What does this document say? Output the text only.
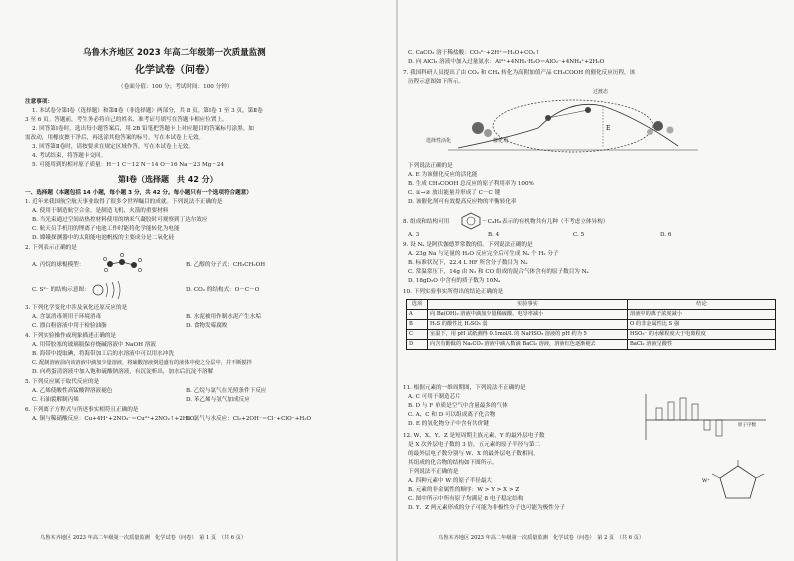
乌鲁木齐地区 2023 年高二年级第一次质量监测
化学试卷（问卷）
（卷面分值：100 分；考试时间：100 分钟）
注意事项：
1. 本试卷分第Ⅰ卷（选择题）和第Ⅱ卷（非选择题）两部分，共 8 页。第Ⅰ卷 1 至 3 页，第Ⅱ卷
3 至 6 页。答题前，考生务必将自己的姓名、准考证号填写在答题卡相应位置上。
2. 回答第Ⅰ卷时，选出每小题答案后，用 2B 铅笔把答题卡上对应题目的答案标号涂黑。如
需改动，用橡皮擦干净后，再选涂其他答案的标号。写在本试卷上无效。
3. 回答第Ⅱ卷时，请按要求在规定区域作答，写在本试卷上无效。
4. 考试结束，将答题卡交回。
5. 可能用到的相对原子质量：H－1 C－12 N－14 O－16 Na－23 Mg－24
第Ⅰ卷（选择题　共 42 分）
一、选择题（本题包括 14 小题，每小题 3 分，共 42 分。每小题只有一个选项符合题意）
1. 近年来我国航空航天事业取得了很多令世界瞩目的成就。下列说法不正确的是
A. 使用于制造航空合金，是制造飞机、火箭的重要材料
B. 当光束通过空间站热控材料使用的纳米气凝胶时可观察到丁达尔效应
C. 航天员手机用的锂离子电池工作时能将化学能转化为电能
D. 嫦娥探测器中的太阳能电池帆板的主要成分是二氧化硅
2. 下列表示正确的是
A. 丙烷的球棍模型：	B. 乙醇的分子式：CH₃CH₂OH
C. S²⁻ 的结构示意图：	D. CO₂ 的结构式：O－C－O
3. 下列化学变化中涉及氧化还原反应的是
A. 含氯消毒剂用于环境消毒	B. 水泥被用作制水泥产生水垢
C. 漂白粉溶液中用于检验油脂	D. 食物发霉腐败
4. 下列实验操作或现象描述正确的是
A. 用带胶塞的玻璃瓶保存烧碱溶液中 NaOH 溶液
B. 海带中提取碘，将海带加工后的水溶液中可以用水冲洗
C. 配制溶液前向该溶液中滴加少量溶液，将硫酸溶液倒进盛有的液体中使之分层中，并不断搅拌
D. 向鸡蛋清溶液中加入饱和硫酸钠溶液，有沉淀析出，加水后沉淀不溶解
5. 下列反应属于取代反应的是
A. 乙烯使酸性高锰酸钾溶液褪色	B. 乙烷与氯气在光照条件下反应
C. 石油裂解制丙烯	D. 苯乙烯与氢气加成反应
6. 下列离子方程式与所述事实相符且正确的是
A. 铜与稀硝酸反应：Cu+4H⁺+2NO₃⁻＝Cu²⁺+2NO₂↑+2H₂O
B. 氯气与水反应：Cl₂+2OH⁻＝Cl⁻+ClO⁻+H₂O
乌鲁木齐地区 2023 年高二年级第一次质量监测　化学试卷（问卷）　第 1 页　（共 6 页）
C. CaCO₃ 溶于稀盐酸：CO₃²⁻+2H⁺＝H₂O+CO₂↑
D. 向 AlCl₃ 溶液中加入过量氨水：Al³⁺+4NH₃·H₂O＝AlO₂⁻+4NH₄⁺+2H₂O
7. 我国科研人员提出了由 CO₂ 和 CH₄ 转化为高附加值产品 CH₃COOH 的催化反应历程，该
历程示意图如下所示。
E
过渡态
催化剂
选择性活化
下列说法正确的是
A. E 为该催化反应的活化能
B. 生成 CH₃COOH 总反应的原子利用率为 100%
C. ①→② 放出能量并形成了 C－C 键
D. 该催化剂可有效提高反应物的平衡转化率
8. 组成和结构可用	－C₄H₉ 表示的有机物共有几种（不考虑立体异构）
A. 3	B. 4	C. 5	D. 6
9. 设 Nₐ 是阿伏伽德罗常数的值。下列说法正确的是
A. 23g Na 与足量的 H₂O 反应完全后可生成 Nₐ 个 H₂ 分子
B. 标准状况下，22.4 L HF 所含分子数目为 Nₐ
C. 常温常压下，14g 由 N₂ 和 CO 组成的混合气体含有的原子数目为 Nₐ
D. 18gD₂O 中含有的质子数为 10Nₐ
10. 下列实验事实所得出的结论正确的是
选项	实验事实	结论
A	向 Ba(OH)₂ 溶液中滴加少量稀硫酸，电导率减小	溶液中的离子浓度减小
B	H₂S 的酸性比 H₂SO₃ 弱	O 的非金属性比 S 强
C	室温下，用 pH 试纸测得 0.1mol/L 的 NaHSO₃ 溶液的 pH 约为 5	HSO₃⁻ 的水解程度大于电离程度
D	向含有酚酞的 Na₂CO₃ 溶液中滴入数滴 BaCl₂ 溶液，溶液红色逐渐褪去	BaCl₂ 溶液呈酸性
11. 根据元素的一维周期图，下列说法不正确的是
A. C 可用于制造芯片
B. D 与 F 单质是空气中含量最多的气体
C. A、C 和 D 可以组成离子化合物
D. E 的氢化物分子中含有共价键	原子序数
12. W、X、Y、Z 是短周期主族元素，Y 的最外层电子数
是 X 次外层电子数的 3 倍，五元素的原子半径与第二
的最外层电子数分别与 W、X 的最外层电子数相同，
其组成的化合物的结构如下图所示。
下列说法不正确的是
A. 四种元素中 W 的原子半径最大
B. 元素的非金属性的顺序：W > Y > X > Z
C. 图中所示中所有原子均满足 8 电子稳定结构
D. Y、Z 两元素形成的分子可能为非极性分子也可能为极性分子
W⁺
乌鲁木齐地区 2023 年高二年级第一次质量监测　化学试卷（问卷）　第 2 页　（共 6 页）
